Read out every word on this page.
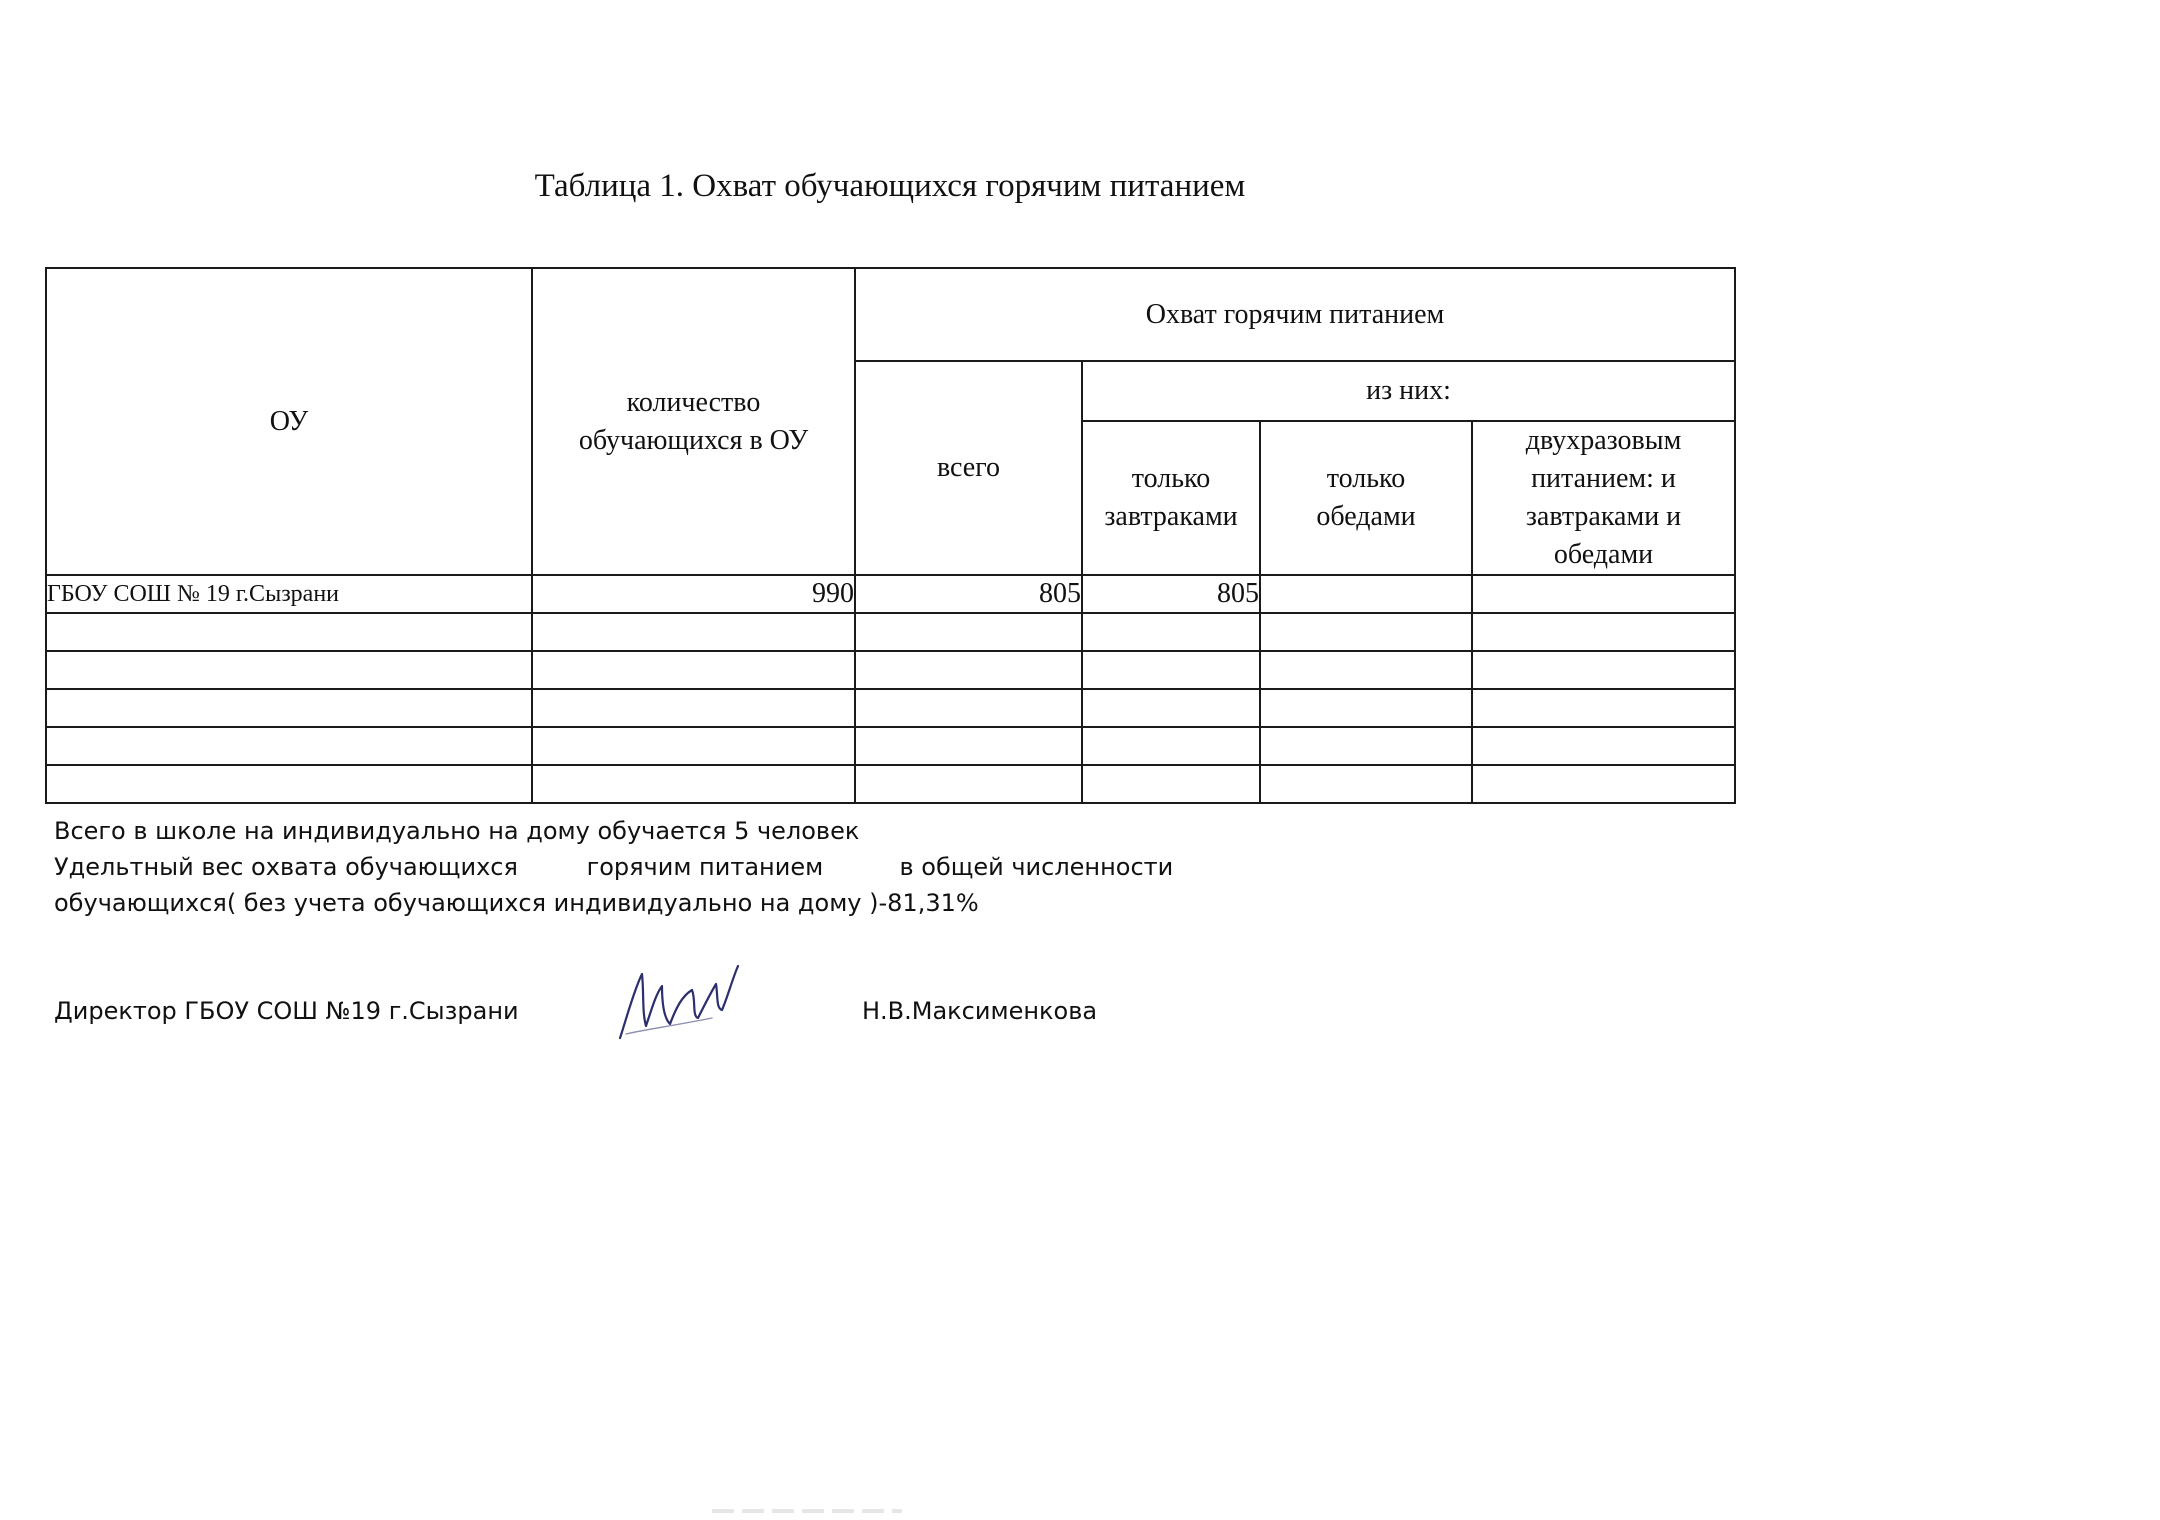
Таблица 1. Охват обучающихся горячим питанием
ОУ	количество обучающихся в ОУ	Охват горячим питанием			
		всего	из них:		

			только завтраками	только обедами	двухразовым питанием: и завтраками и обедами

ГБОУ СОШ № 19 г.Сызрани	990	805	805		

Всего в школе на индивидуально на дому обучается 5 человек
Удельтный вес охвата обучающихся         горячим питанием          в общей численности
обучающихся( без учета обучающихся индивидуально на дому )-81,31%
Директор ГБОУ СОШ №19 г.Сызрани	Н.В.Максименкова
